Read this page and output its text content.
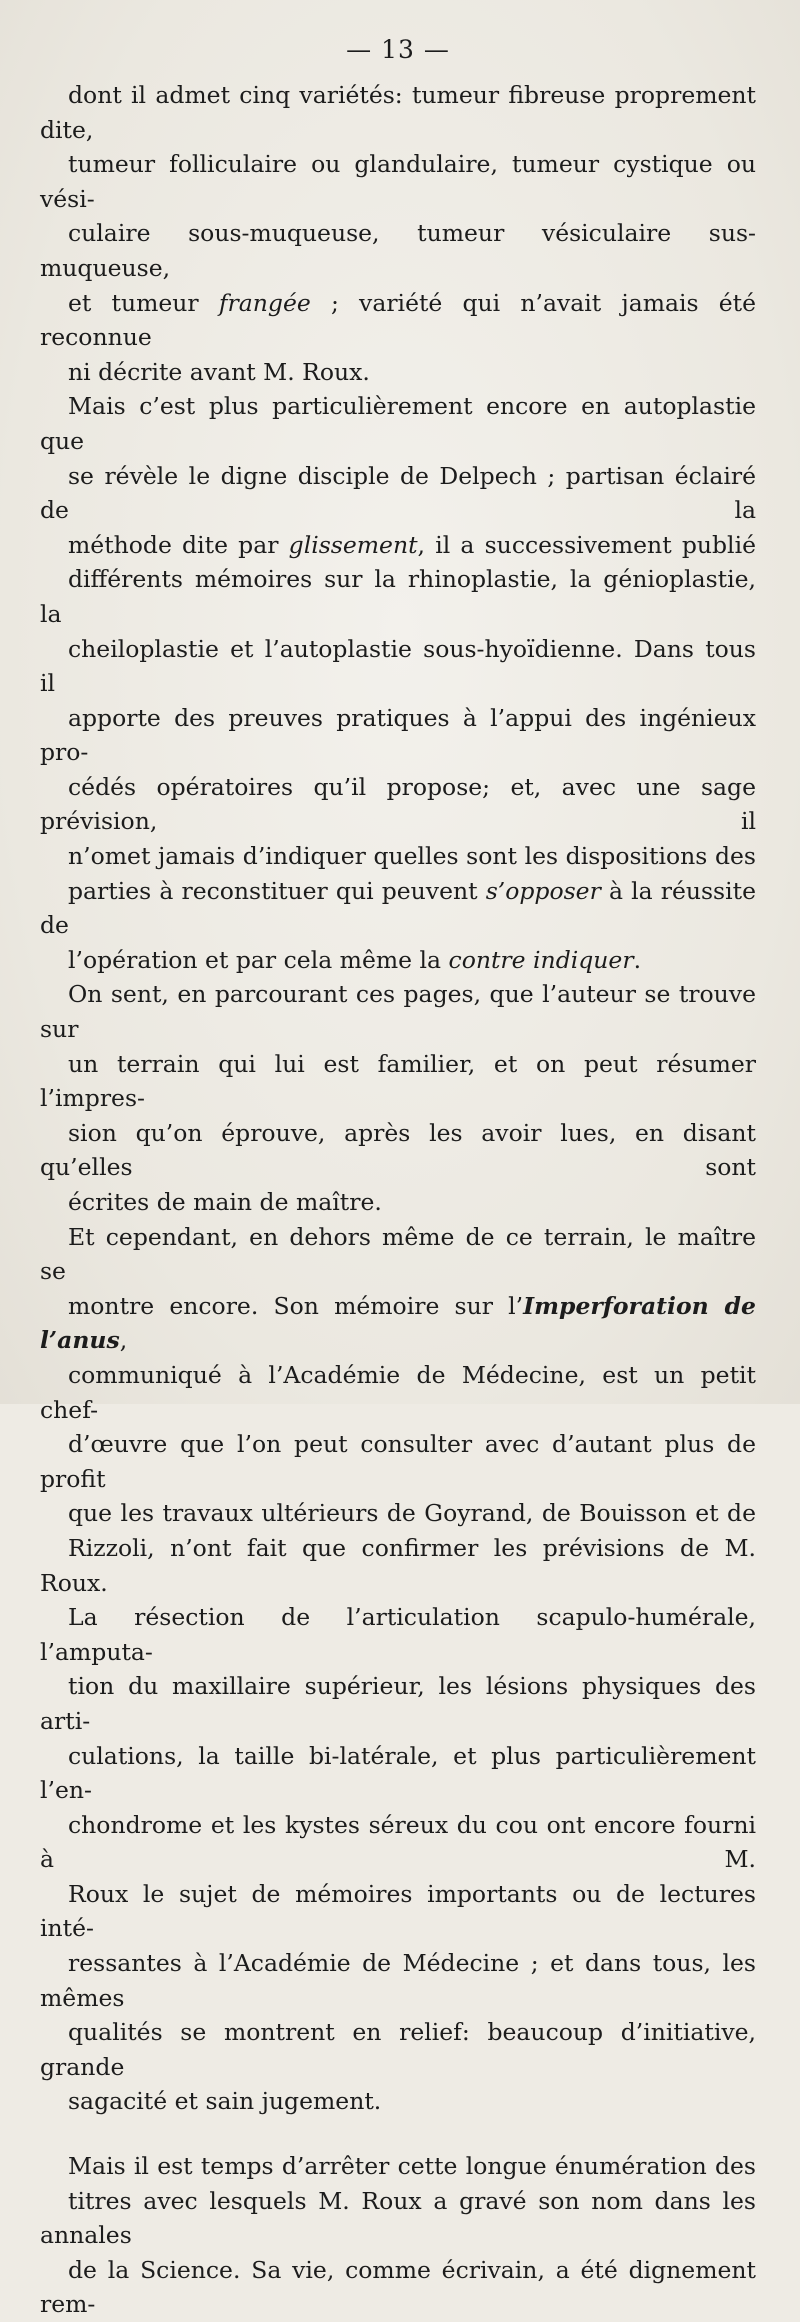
— 13 —

dont il admet cinq variétés: tumeur fibreuse proprement dite,
tumeur folliculaire ou glandulaire, tumeur cystique ou vési-
culaire sous-muqueuse, tumeur vésiculaire sus-muqueuse,
et tumeur frangée ; variété qui n’avait jamais été reconnue
ni décrite avant M. Roux.

Mais c’est plus particulièrement encore en autoplastie que
se révèle le digne disciple de Delpech ; partisan éclairé de la
méthode dite par glissement, il a successivement publié
différents mémoires sur la rhinoplastie, la génioplastie, la
cheiloplastie et l’autoplastie sous-hyoïdienne. Dans tous il
apporte des preuves pratiques à l’appui des ingénieux pro-
cédés opératoires qu’il propose; et, avec une sage prévision, il
n’omet jamais d’indiquer quelles sont les dispositions des
parties à reconstituer qui peuvent s’opposer à la réussite de
l’opération et par cela même la contre indiquer.

On sent, en parcourant ces pages, que l’auteur se trouve sur
un terrain qui lui est familier, et on peut résumer l’impres-
sion qu’on éprouve, après les avoir lues, en disant qu’elles sont
écrites de main de maître.

Et cependant, en dehors même de ce terrain, le maître se
montre encore. Son mémoire sur l’Imperforation de l’anus,
communiqué à l’Académie de Médecine, est un petit chef-
d’œuvre que l’on peut consulter avec d’autant plus de profit
que les travaux ultérieurs de Goyrand, de Bouisson et de
Rizzoli, n’ont fait que confirmer les prévisions de M. Roux.

La résection de l’articulation scapulo-humérale, l’amputa-
tion du maxillaire supérieur, les lésions physiques des arti-
culations, la taille bi-latérale, et plus particulièrement l’en-
chondrome et les kystes séreux du cou ont encore fourni à M.
Roux le sujet de mémoires importants ou de lectures inté-
ressantes à l’Académie de Médecine ; et dans tous, les mêmes
qualités se montrent en relief: beaucoup d’initiative, grande
sagacité et sain jugement.

Mais il est temps d’arrêter cette longue énumération des
titres avec lesquels M. Roux a gravé son nom dans les annales
de la Science. Sa vie, comme écrivain, a été dignement rem-
